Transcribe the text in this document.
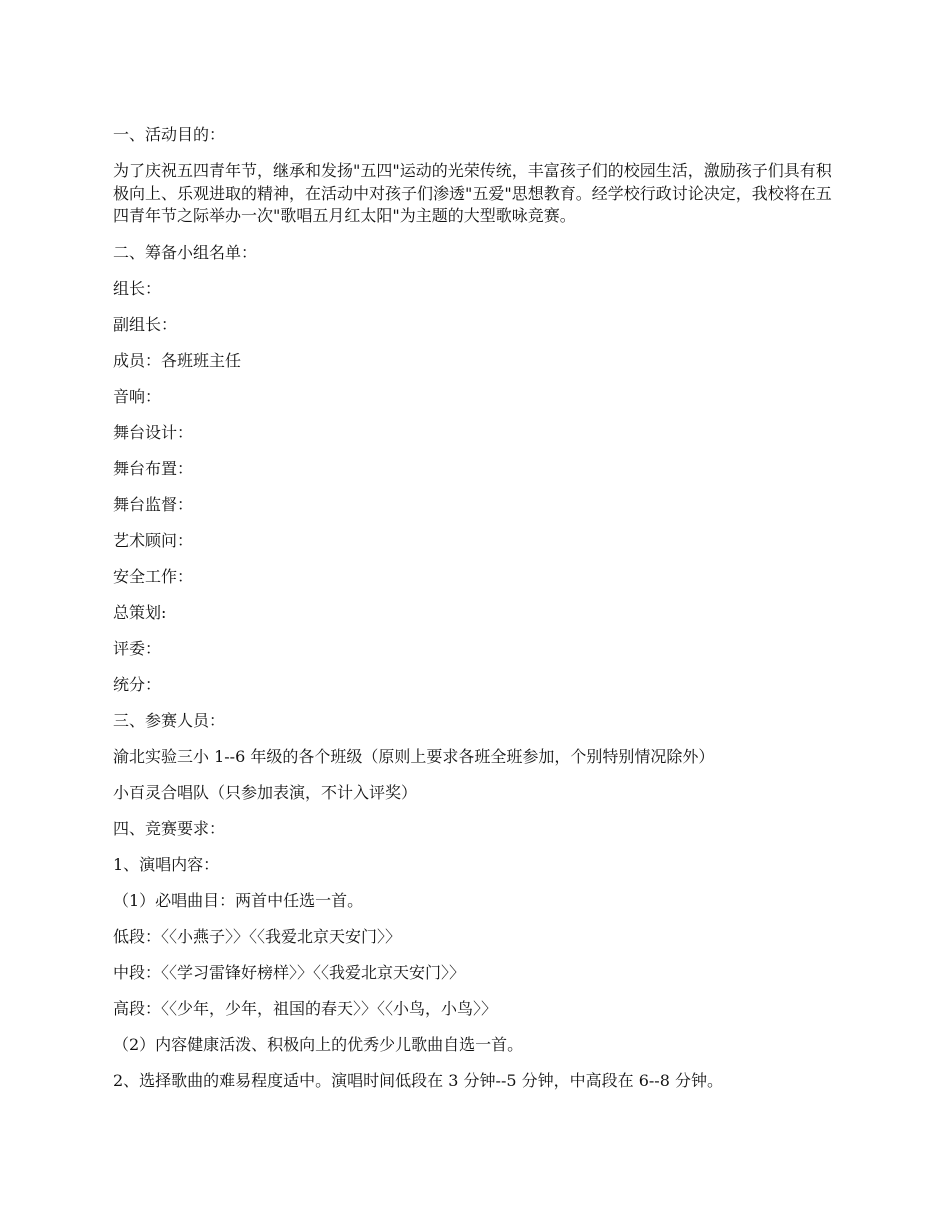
一、活动目的：

为了庆祝五四青年节，继承和发扬"五四"运动的光荣传统，丰富孩子们的校园生活，激励孩子们具有积极向上、乐观进取的精神，在活动中对孩子们渗透"五爱"思想教育。经学校行政讨论决定，我校将在五四青年节之际举办一次"歌唱五月红太阳"为主题的大型歌咏竞赛。

二、筹备小组名单：

组长：

副组长：

成员：各班班主任

音响：

舞台设计：

舞台布置：

舞台监督：

艺术顾问：

安全工作：

总策划:

评委：

统分：

三、参赛人员：

渝北实验三小 1--6 年级的各个班级（原则上要求各班全班参加，个别特别情况除外）

小百灵合唱队（只参加表演，不计入评奖）

四、竞赛要求：

1、演唱内容：

（1）必唱曲目：两首中任选一首。

低段：〈〈小燕子〉〉〈〈我爱北京天安门〉〉

中段：〈〈学习雷锋好榜样〉〉〈〈我爱北京天安门〉〉

高段：〈〈少年，少年，祖国的春天〉〉〈〈小鸟，小鸟〉〉

（2）内容健康活泼、积极向上的优秀少儿歌曲自选一首。

2、选择歌曲的难易程度适中。演唱时间低段在 3 分钟--5 分钟，中高段在 6--8 分钟。
